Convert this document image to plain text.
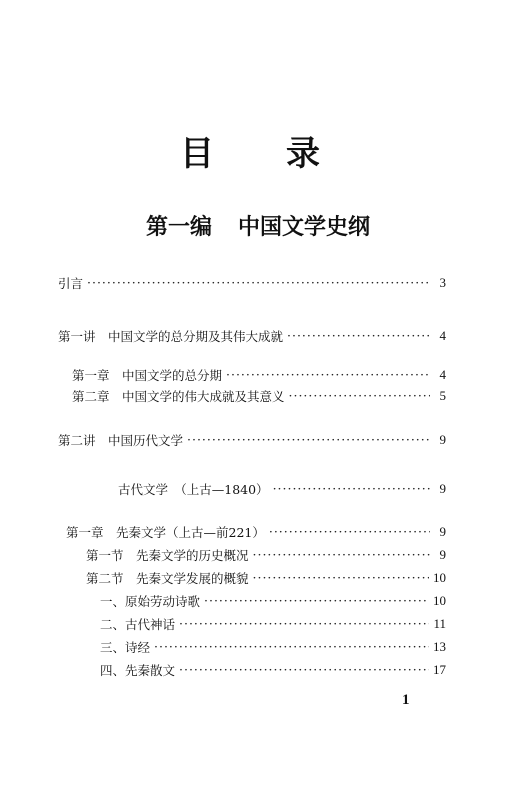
目 录
第一编 中国文学史纲
引言 ·····	3
第一讲　中国文学的总分期及其伟大成就 ·····	4
第一章　中国文学的总分期 ·····	4
第二章　中国文学的伟大成就及其意义 ·····	5
第二讲　中国历代文学 ·····	9
古代文学　（上古—1840） ·····	9
第一章　先秦文学（上古—前221） ·····	9
第一节　先秦文学的历史概况 ·····	9
第二节　先秦文学发展的概貌 ·····	10
一、原始劳动诗歌 ·····	10
二、古代神话 ·····	11
三、诗经 ·····	13
四、先秦散文 ·····	17
1
